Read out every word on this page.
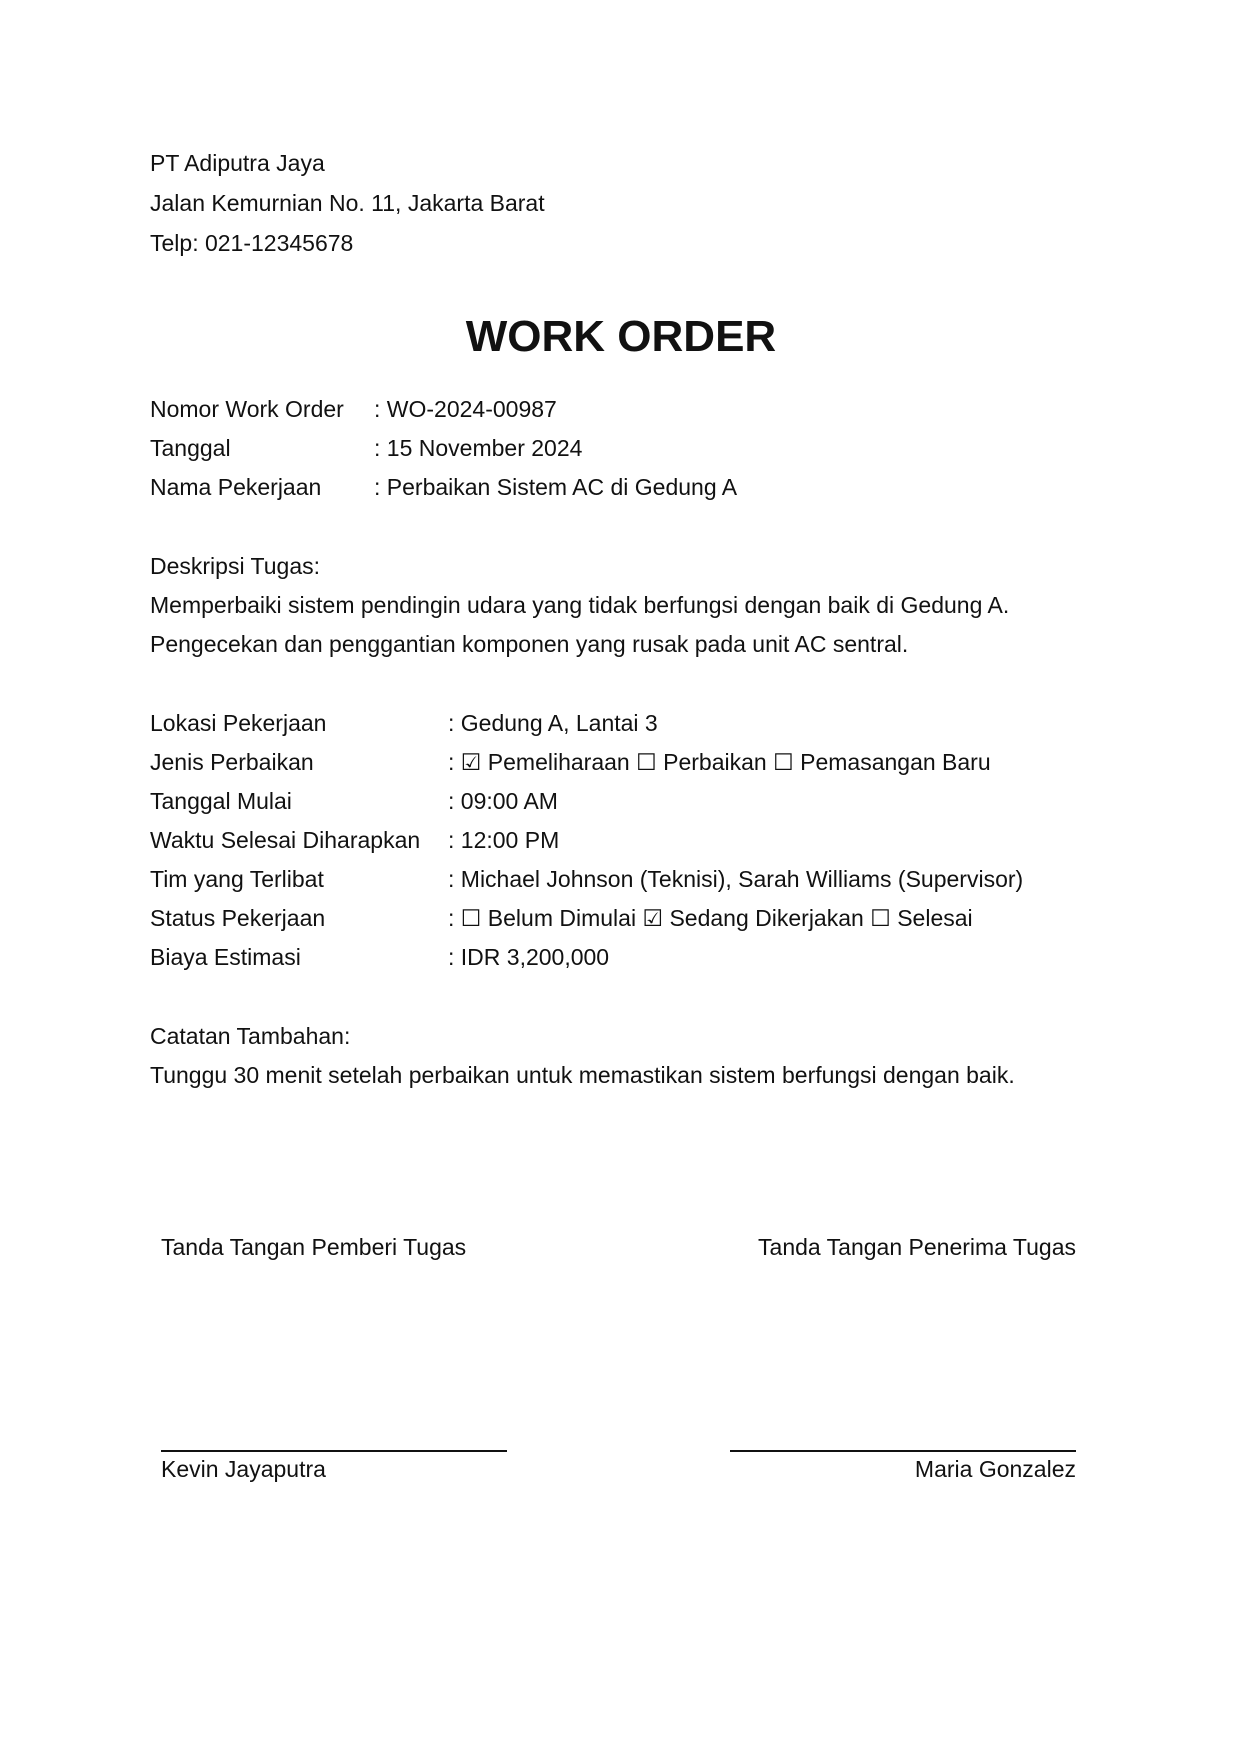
PT Adiputra Jaya
Jalan Kemurnian No. 11, Jakarta Barat
Telp: 021-12345678
WORK ORDER
Nomor Work Order : WO-2024-00987
Tanggal	: 15 November 2024
Nama Pekerjaan : Perbaikan Sistem AC di Gedung A
Deskripsi Tugas:
Memperbaiki sistem pendingin udara yang tidak berfungsi dengan baik di Gedung A.
Pengecekan dan penggantian komponen yang rusak pada unit AC sentral.
Lokasi Pekerjaan	: Gedung A, Lantai 3
Jenis Perbaikan	: ☑ Pemeliharaan ☐ Perbaikan ☐ Pemasangan Baru
Tanggal Mulai	: 09:00 AM
Waktu Selesai Diharapkan : 12:00 PM
Tim yang Terlibat	: Michael Johnson (Teknisi), Sarah Williams (Supervisor)
Status Pekerjaan	: ☐ Belum Dimulai ☑ Sedang Dikerjakan ☐ Selesai
Biaya Estimasi	: IDR 3,200,000
Catatan Tambahan:
Tunggu 30 menit setelah perbaikan untuk memastikan sistem berfungsi dengan baik.
Tanda Tangan Pemberi Tugas	Tanda Tangan Penerima Tugas
Kevin Jayaputra	Maria Gonzalez
